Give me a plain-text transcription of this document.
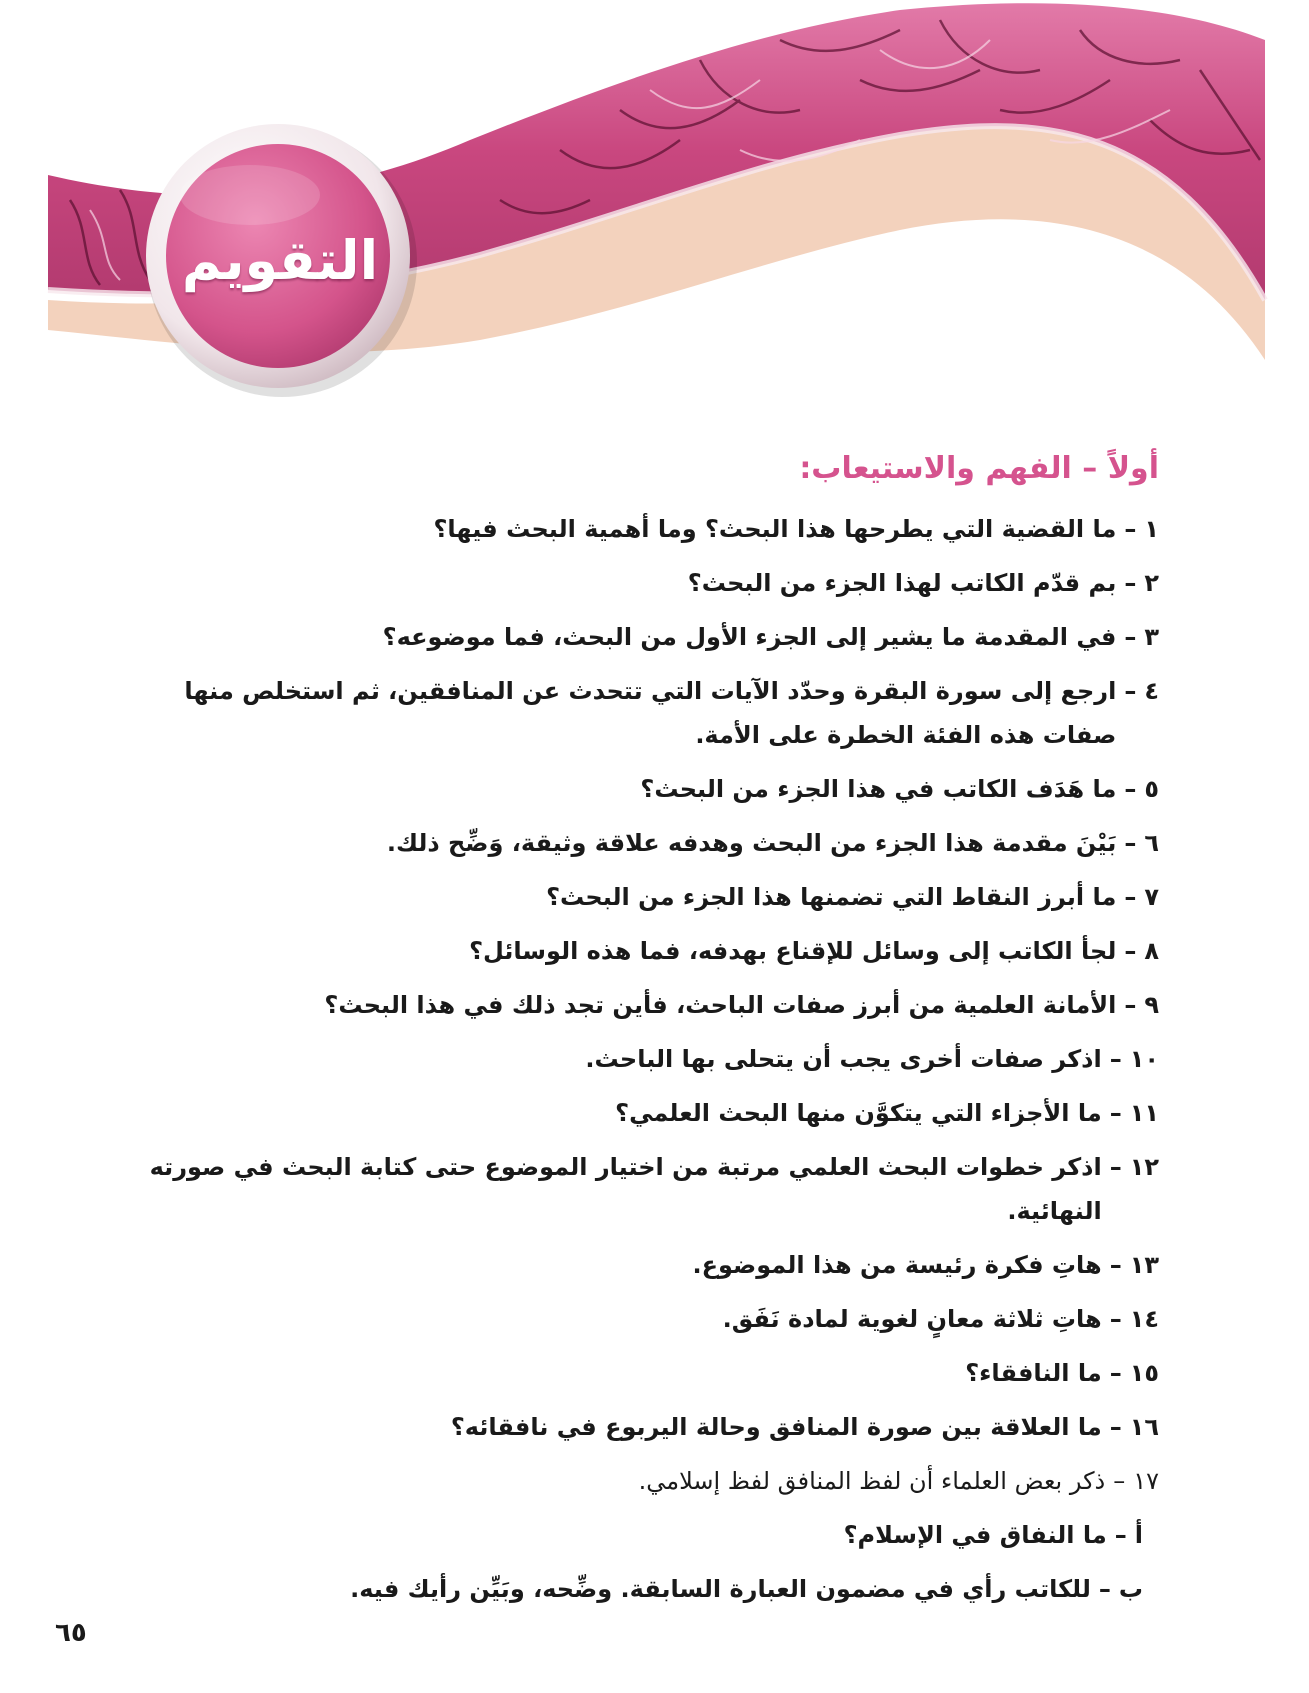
التقويم
أولاً – الفهم والاستيعاب:
١
–
ما القضية التي يطرحها هذا البحث؟ وما أهمية البحث فيها؟
٢
–
بم قدّم الكاتب لهذا الجزء من البحث؟
٣
–
في المقدمة ما يشير إلى الجزء الأول من البحث، فما موضوعه؟
٤
–
ارجع إلى سورة البقرة وحدّد الآيات التي تتحدث عن المنافقين، ثم استخلص منها صفات هذه الفئة الخطرة على الأمة.
٥
–
ما هَدَف الكاتب في هذا الجزء من البحث؟
٦
–
بَيْنَ مقدمة هذا الجزء من البحث وهدفه علاقة وثيقة، وَضِّح ذلك.
٧
–
ما أبرز النقاط التي تضمنها هذا الجزء من البحث؟
٨
–
لجأ الكاتب إلى وسائل للإقناع بهدفه، فما هذه الوسائل؟
٩
–
الأمانة العلمية من أبرز صفات الباحث، فأين تجد ذلك في هذا البحث؟
١٠
–
اذكر صفات أخرى يجب أن يتحلى بها الباحث.
١١
–
ما الأجزاء التي يتكوَّن منها البحث العلمي؟
١٢
–
اذكر خطوات البحث العلمي مرتبة من اختيار الموضوع حتى كتابة البحث في صورته النهائية.
١٣
–
هاتِ فكرة رئيسة من هذا الموضوع.
١٤
–
هاتِ ثلاثة معانٍ لغوية لمادة نَفَق.
١٥
–
ما النافقاء؟
١٦
–
ما العلاقة بين صورة المنافق وحالة اليربوع في نافقائه؟
١٧
–
ذكر بعض العلماء أن لفظ المنافق لفظ إسلامي.
أ
–
ما النفاق في الإسلام؟
ب
–
للكاتب رأي في مضمون العبارة السابقة. وضِّحه، وبَيِّن رأيك فيه.
٦٥
